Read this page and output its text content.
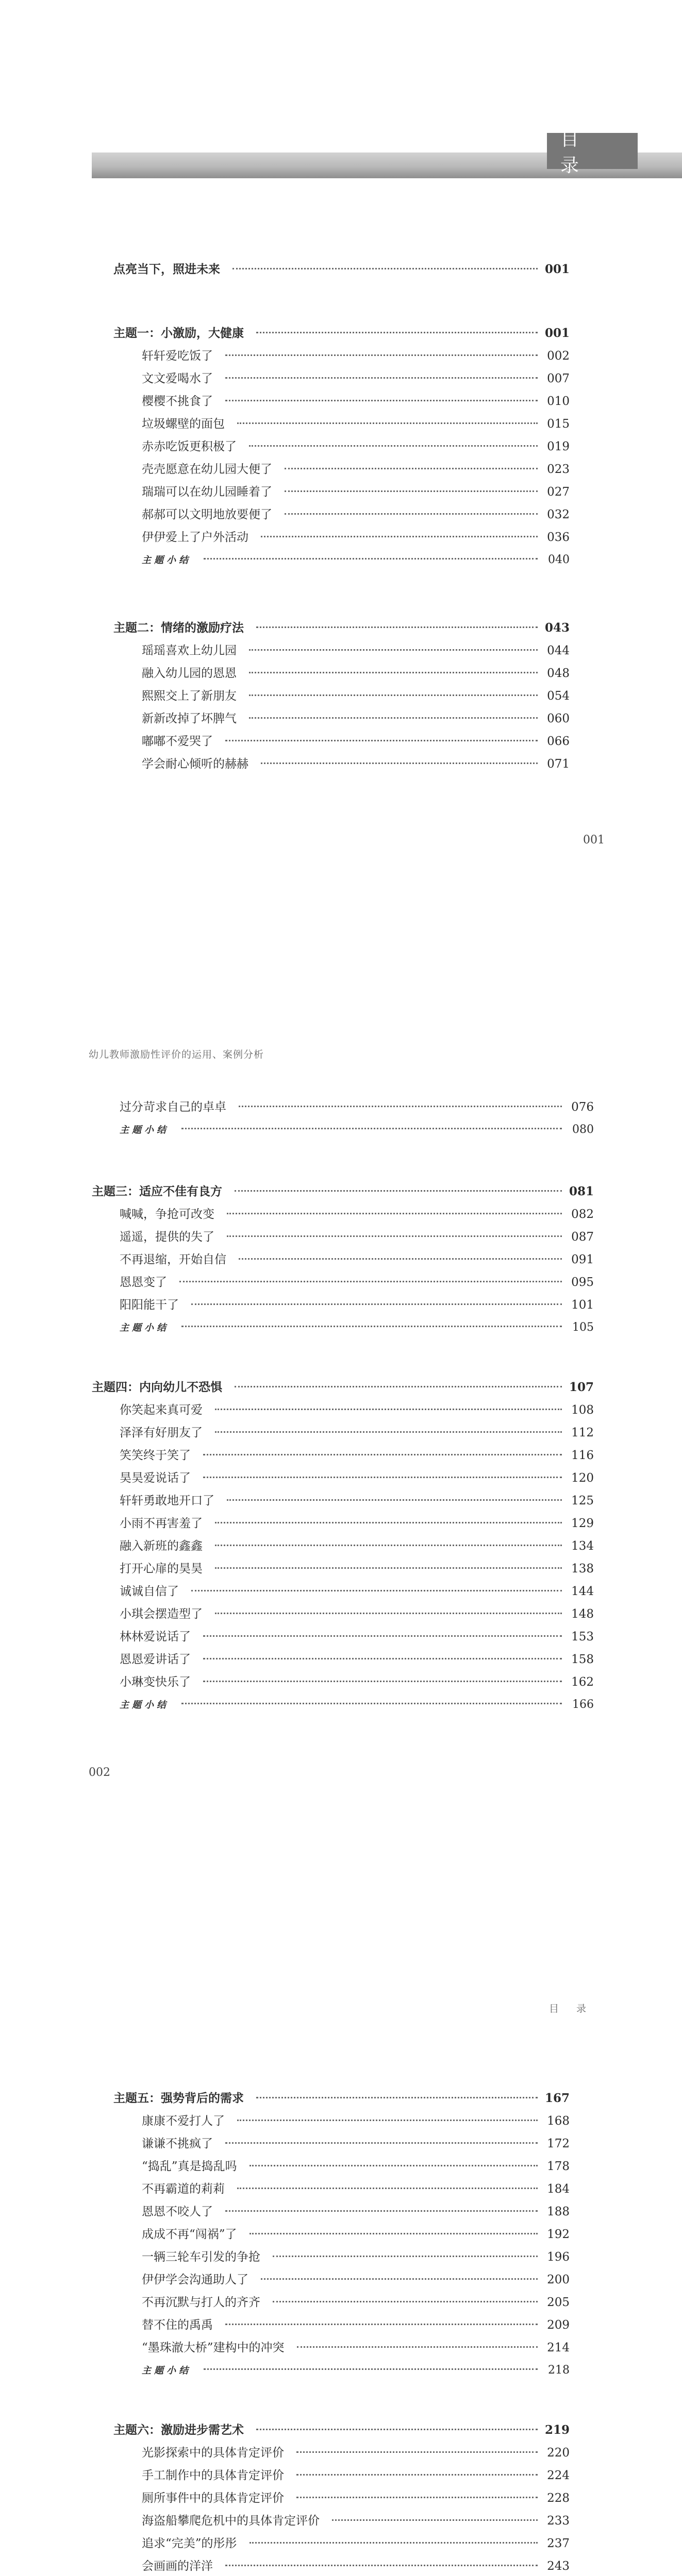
目 录
点亮当下，照进未来	001
主题一：小激励，大健康	001
轩轩爱吃饭了	002
文文爱喝水了	007
樱樱不挑食了	010
垃圾螺壁的面包	015
赤赤吃饭更积极了	019
壳壳愿意在幼儿园大便了	023
瑞瑞可以在幼儿园睡着了	027
郝郝可以文明地放要便了	032
伊伊爱上了户外活动	036
主题小结	040
主题二：情绪的激励疗法	043
瑶瑶喜欢上幼儿园	044
融入幼儿园的恩恩	048
熙熙交上了新朋友	054
新新改掉了坏脾气	060
嘟嘟不爱哭了	066
学会耐心倾听的赫赫	071
001
幼儿教师激励性评价的运用、案例分析
过分苛求自己的卓卓	076
主题小结	080
主题三：适应不佳有良方	081
喊喊，争抢可改变	082
遥遥，提供的失了	087
不再退缩，开始自信	091
恩恩变了	095
阳阳能干了	101
主题小结	105
主题四：内向幼儿不恐惧	107
你笑起来真可爱	108
泽泽有好朋友了	112
笑笑终于笑了	116
昊昊爱说话了	120
轩轩勇敢地开口了	125
小雨不再害羞了	129
融入新班的鑫鑫	134
打开心扉的昊昊	138
诚诚自信了	144
小琪会摆造型了	148
林林爱说话了	153
恩恩爱讲话了	158
小琳变快乐了	162
主题小结	166
002
目 录
主题五：强势背后的需求	167
康康不爱打人了	168
谦谦不挑疯了	172
“捣乱”真是捣乱吗	178
不再霸道的莉莉	184
恩恩不咬人了	188
成成不再“闯祸”了	192
一辆三轮车引发的争抢	196
伊伊学会沟通助人了	200
不再沉默与打人的齐齐	205
替不住的禹禹	209
“墨珠澈大桥”建构中的冲突	214
主题小结	218
主题六：激励进步需艺术	219
光影探索中的具体肯定评价	220
手工制作中的具体肯定评价	224
厕所事件中的具体肯定评价	228
海盗船攀爬危机中的具体肯定评价	233
追求“完美”的彤彤	237
会画画的洋洋	243
